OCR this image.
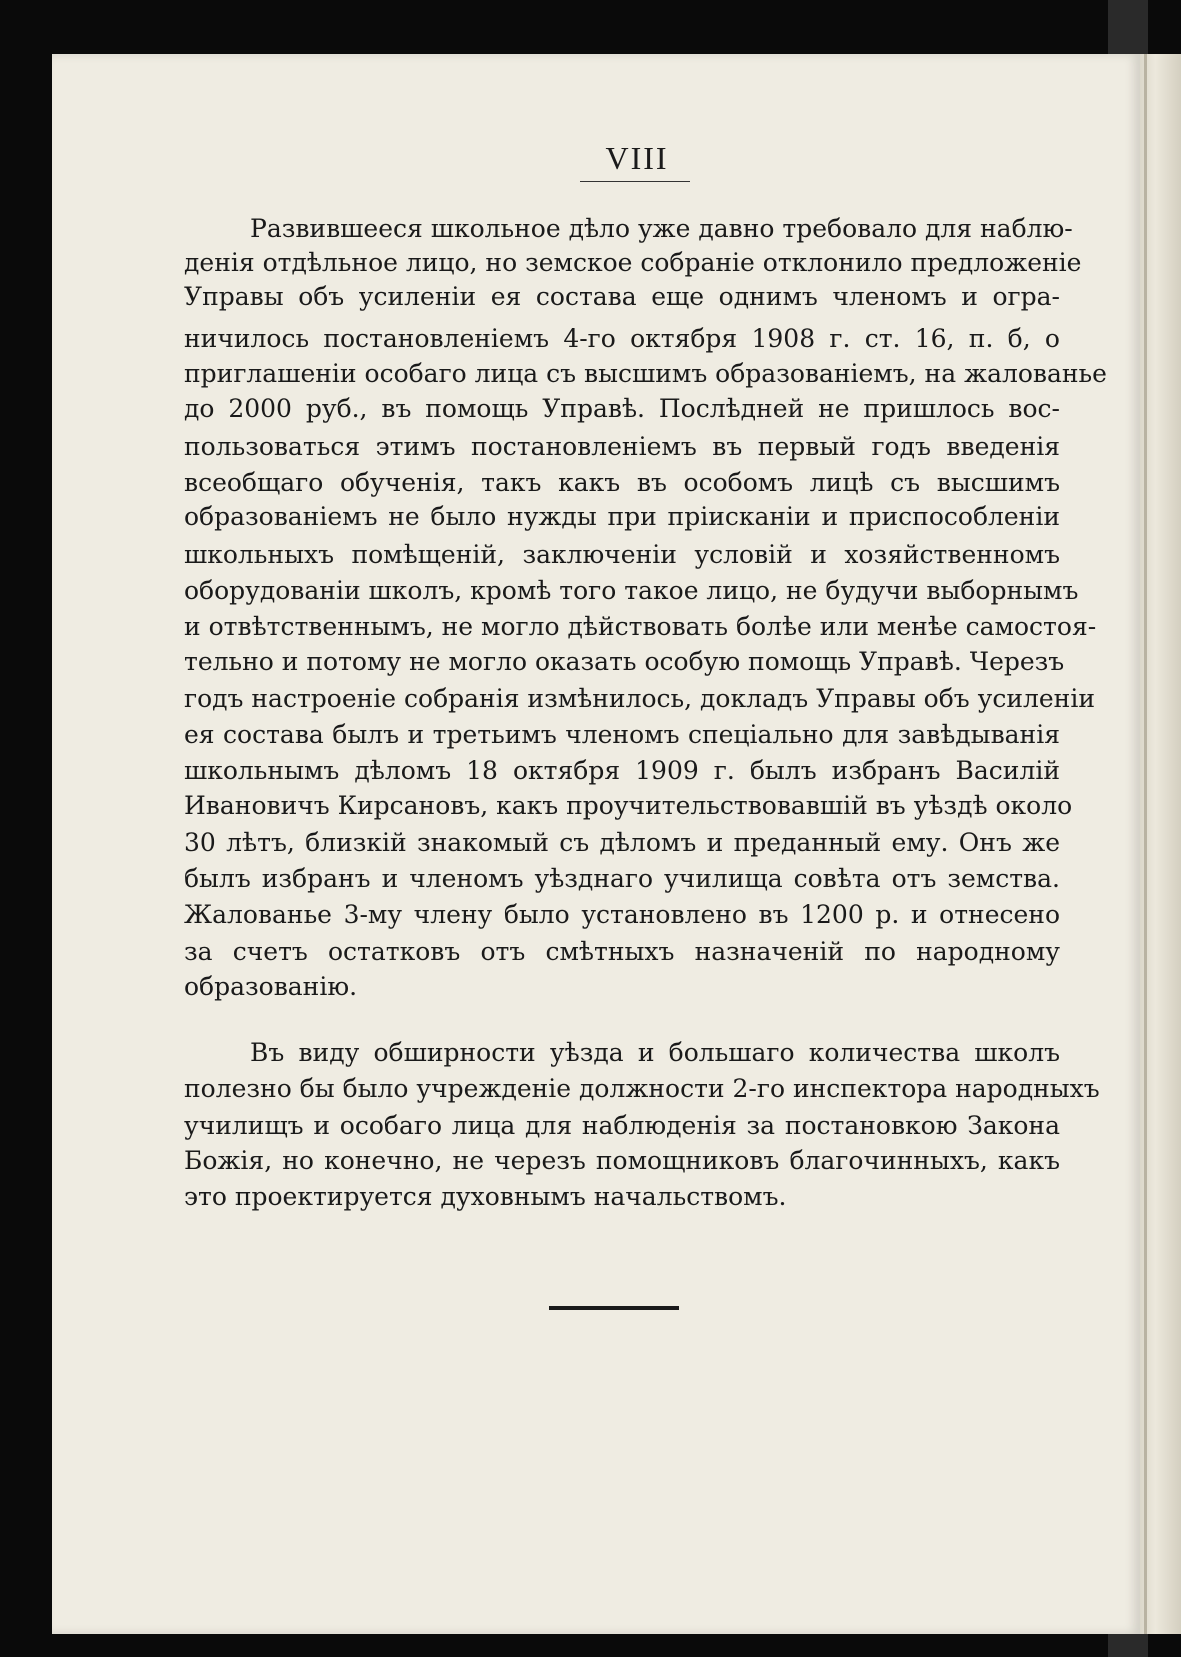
VIII
Развившееся школьное дѣло уже давно требовало для наблю-
денія отдѣльное лицо, но земское собраніе отклонило предложеніе
Управы объ усиленіи ея состава еще однимъ членомъ и огра-
ничилось постановленіемъ 4-го октября 1908 г. ст. 16, п. б, о
приглашеніи особаго лица съ высшимъ образованіемъ, на жалованье
до 2000 руб., въ помощь Управѣ. Послѣдней не пришлось вос-
пользоваться этимъ постановленіемъ въ первый годъ введенія
всеобщаго обученія, такъ какъ въ особомъ лицѣ съ высшимъ
образованіемъ не было нужды при прiисканiи и приспособленiи
школьныхъ помѣщеній, заключеніи условій и хозяйственномъ
оборудованіи школъ, кромѣ того такое лицо, не будучи выборнымъ
и отвѣтственнымъ, не могло дѣйствовать болѣе или менѣе самостоя-
тельно и потому не могло оказать особую помощь Управѣ. Черезъ
годъ настроеніе собранія измѣнилось, докладъ Управы объ усиленіи
ея состава былъ и третьимъ членомъ спеціально для завѣдыванія
школьнымъ дѣломъ 18 октября 1909 г. былъ избранъ Василій
Ивановичъ Кирсановъ, какъ проучительствовавшій въ уѣздѣ около
30 лѣтъ, близкій знакомый съ дѣломъ и преданный ему. Онъ же
былъ избранъ и членомъ уѣзднаго училища совѣта отъ земства.
Жалованье 3-му члену было установлено въ 1200 р. и отнесено
за счетъ остатковъ отъ смѣтныхъ назначеній по народному
образованію.
Въ виду обширности уѣзда и большаго количества школъ
полезно бы было учрежденіе должности 2-го инспектора народныхъ
училищъ и особаго лица для наблюденія за постановкою Закона
Божія, но конечно, не черезъ помощниковъ благочинныхъ, какъ
это проектируется духовнымъ начальствомъ.
